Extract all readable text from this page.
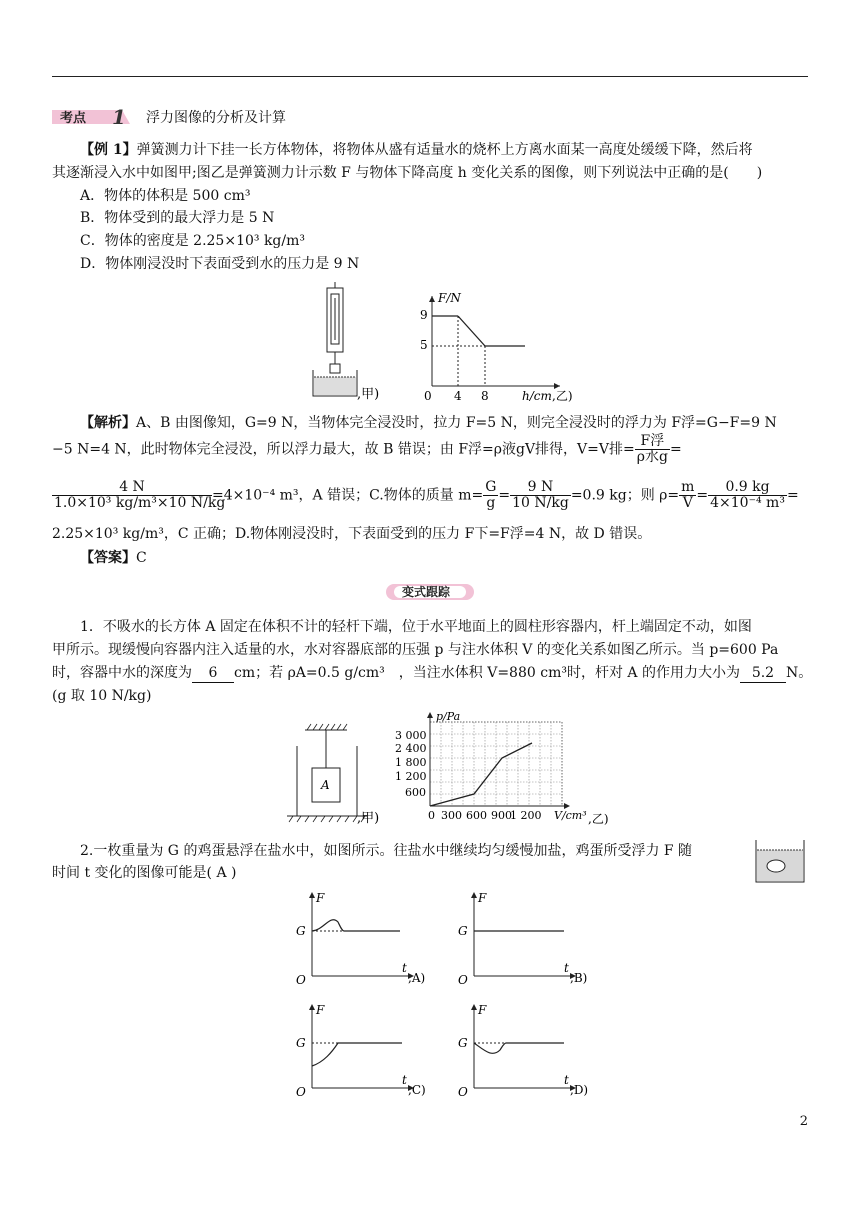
考点 1 浮力图像的分析及计算
【例 1】弹簧测力计下挂一长方体物体，将物体从盛有适量水的烧杯上方离水面某一高度处缓缓下降，然后将
其逐渐浸入水中如图甲;图乙是弹簧测力计示数 F 与物体下降高度 h 变化关系的图像，则下列说法中正确的是(　　)
A．物体的体积是 500 cm³
B．物体受到的最大浮力是 5 N
C．物体的密度是 2.25×10³ kg/m³
D．物体刚浸没时下表面受到水的压力是 9 N
,甲)
F/N
9
5
0 4 8	h/cm ,乙)
【解析】A、B 由图像知，G=9 N，当物体完全浸没时，拉力 F=5 N，则完全浸没时的浮力为 F浮=G−F=9 N
−5 N=4 N，此时物体完全浸没，所以浮力最大，故 B 错误；由 F浮=ρ液gV排得，V=V排= $\frac{\text{F浮}}{\text{ρ水g}}$ =
$\frac{4 N}{\text{1.0×10³ kg/m³×10 N/kg}} =4\times 10^{-4}$ m³，A 错误；C.物体的质量 $m= \frac{G}{g} = \frac{9 N}{10 N/kg} =0.9$ kg；则 $\rho= \frac{m}{V} = \frac{0.9 kg}{\text{4×10⁻⁴ m³}}$ =
2.25×10³ kg/m³，C 正确；D.物体刚浸没时，下表面受到的压力 F下=F浮=4 N，故 D 错误。
【答案】C
变式跟踪
1．不吸水的长方体 A 固定在体积不计的轻杆下端，位于水平地面上的圆柱形容器内，杆上端固定不动，如图
甲所示。现缓慢向容器内注入适量的水，水对容器底部的压强 p 与注水体积 V 的变化关系如图乙所示。当 p=600 Pa
时，容器中水的深度为 6 cm；若 ρA=0.5 g/cm³　，当注水体积 V=880 cm³时，杆对 A 的作用力大小为 5.2 N。
(g 取 10 N/kg)
A
,甲)
p/Pa
3 000
2 400
1 800
1 200
600
0 300 600 900
1 200 V/cm³ ,乙)
2.一枚重量为 G 的鸡蛋悬浮在盐水中，如图所示。往盐水中继续均匀缓慢加盐，鸡蛋所受浮力 F 随
时间 t 变化的图像可能是( A )
F
G
O
t
,A)
F
G
O
t
,B)
F
G
O
t
,C)
F
G
O
t
,D)
2
